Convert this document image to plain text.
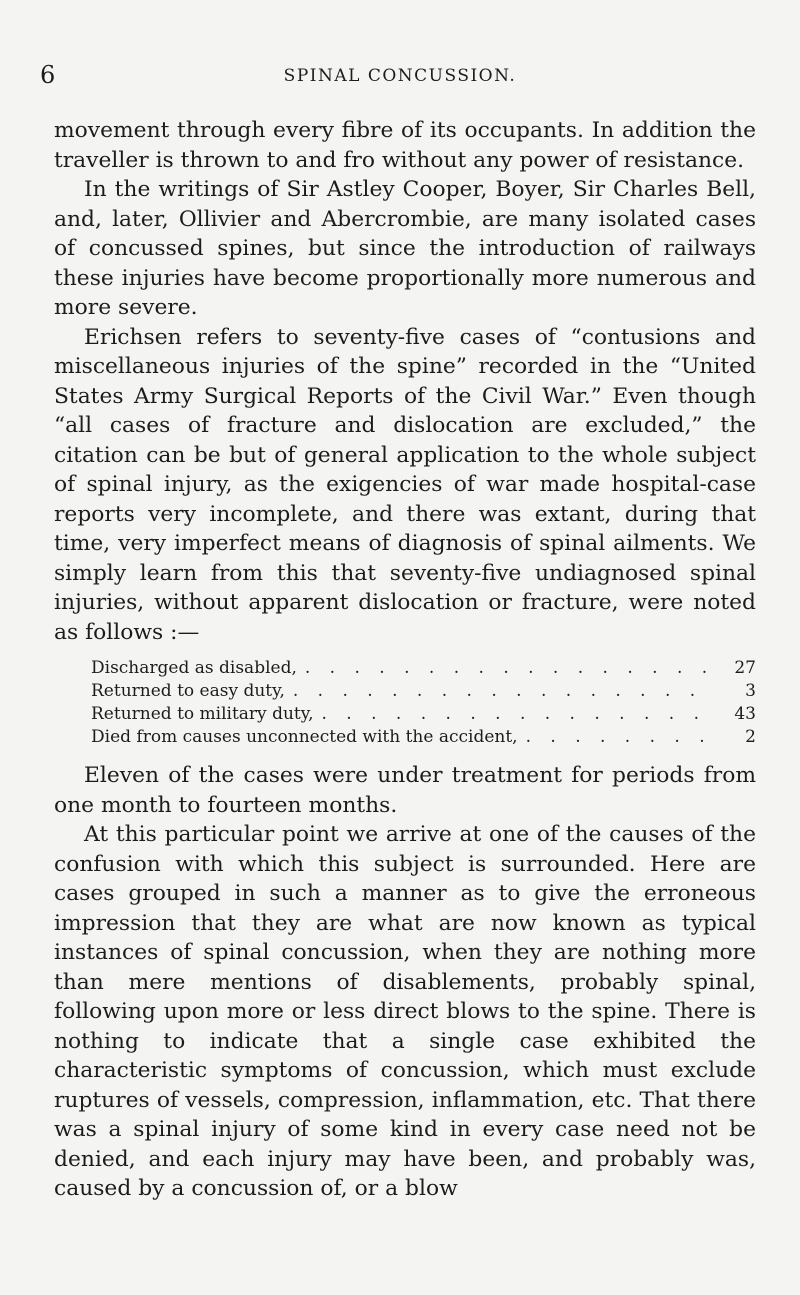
6	SPINAL CONCUSSION.

movement through every fibre of its occupants. In addition the traveller is thrown to and fro without any power of resistance.

In the writings of Sir Astley Cooper, Boyer, Sir Charles Bell, and, later, Ollivier and Abercrombie, are many isolated cases of concussed spines, but since the introduction of railways these injuries have become proportionally more numerous and more severe.

Erichsen refers to seventy-five cases of “contusions and miscellaneous injuries of the spine” recorded in the “United States Army Surgical Reports of the Civil War.” Even though “all cases of fracture and dislocation are excluded,” the citation can be but of general application to the whole subject of spinal injury, as the exigencies of war made hospital-case reports very incomplete, and there was extant, during that time, very imperfect means of diagnosis of spinal ailments. We simply learn from this that seventy-five undiagnosed spinal injuries, without apparent dislocation or fracture, were noted as follows :—

Discharged as disabled, . . .	27
Returned to easy duty, . . .	3
Returned to military duty, . . .	43
Died from causes unconnected with the accident, . . .	2

Eleven of the cases were under treatment for periods from one month to fourteen months.

At this particular point we arrive at one of the causes of the confusion with which this subject is surrounded. Here are cases grouped in such a manner as to give the erroneous impression that they are what are now known as typical instances of spinal concussion, when they are nothing more than mere mentions of disablements, probably spinal, following upon more or less direct blows to the spine. There is nothing to indicate that a single case exhibited the characteristic symptoms of concussion, which must exclude ruptures of vessels, compression, inflammation, etc. That there was a spinal injury of some kind in every case need not be denied, and each injury may have been, and probably was, caused by a concussion of, or a blow
